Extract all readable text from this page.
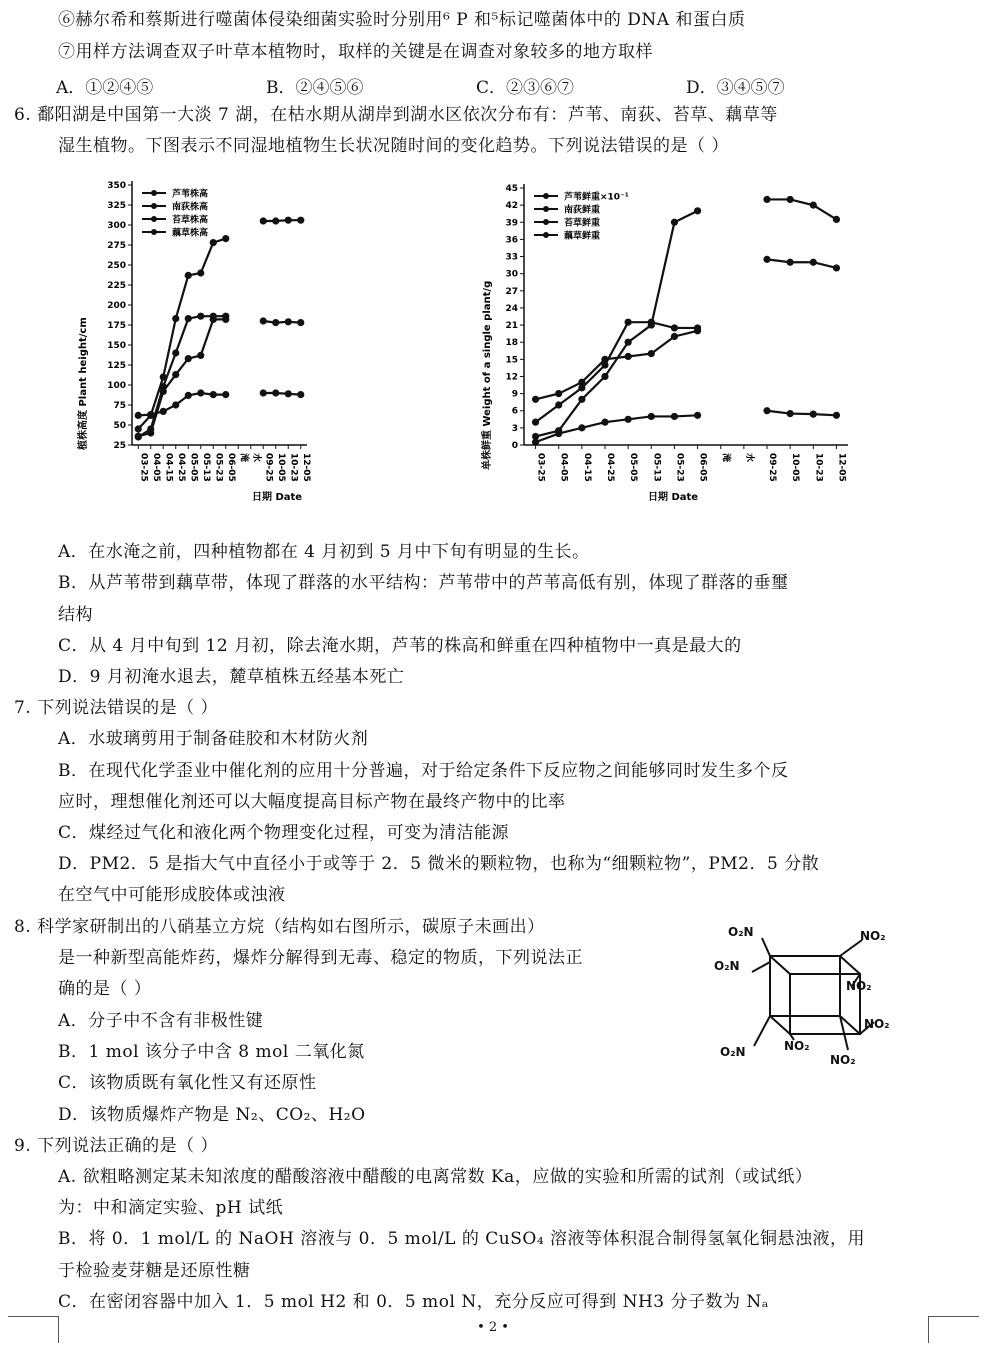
⑥赫尔希和蔡斯进行噬菌体侵染细菌实验时分别用⁶ P 和⁵标记噬菌体中的 DNA 和蛋白质
⑦用样方法调查双子叶草本植物时，取样的关键是在调查对象较多的地方取样
A．①②④⑤	B．②④⑤⑥	C．②③⑥⑦	D．③④⑤⑦
6. 鄱阳湖是中国第一大淡 7 湖，在枯水期从湖岸到湖水区依次分布有：芦苇、南荻、苔草、藕草等
湿生植物。下图表示不同湿地植物生长状况随时间的变化趋势。下列说法错误的是（ ）
350
325
300
275
250
225
200
175
150
125
100
75
50
25
03-25 04-05 04-15 04-25 05-05 05-13 05-23 06-05 淹 水 09-25 10-05 10-23 12-05
芦苇株高
南荻株高
苔草株高
藕草株高
植株高度 Plant height/cm
日期 Date
45
42
39
36
33
30
27
24
21
18
15
12
9
6
3
0
03-25 04-05 04-15 04-25 05-05 05-13 05-23 06-05 淹 水 09-25 10-05 10-23 12-05
芦苇鲜重×10⁻¹
南荻鲜重
苔草鲜重
藕草鲜重
单株鲜重 Weight of a single plant/g
日期 Date
A．在水淹之前，四种植物都在 4 月初到 5 月中下旬有明显的生长。
B．从芦苇带到藕草带，体现了群落的水平结构：芦苇带中的芦苇高低有别，体现了群落的垂璽
结构
C．从 4 月中旬到 12 月初，除去淹水期，芦苇的株高和鲜重在四种植物中一真是最大的
D．9 月初淹水退去，麓草植株五经基本死亡
7. 下列说法错误的是（ ）
A．水玻璃剪用于制备硅胶和木材防火剂
B．在现代化学歪业中催化剂的应用十分普遍，对于给定条件下反应物之间能够同时发生多个反
应时，理想催化剂还可以大幅度提高目标产物在最终产物中的比率
C．煤经过气化和液化两个物理变化过程，可变为清洁能源
D．PM2．5 是指大气中直径小于或等于 2．5 微米的颗粒物，也称为“细颗粒物”，PM2．5 分散
在空气中可能形成胶体或浊液
8. 科学家研制出的八硝基立方烷（结构如右图所示，碳原子未画出）
是一种新型高能炸药，爆炸分解得到无毒、稳定的物质，下列说法正
确的是（ ）
A．分子中不含有非极性键
B．1 mol 该分子中含 8 mol 二氧化氮
C．该物质既有氧化性又有还原性
D．该物质爆炸产物是 N₂、CO₂、H₂O
O₂N	NO₂
O₂N
NO₂
NO₂
O₂N	NO₂
NO₂
9. 下列说法正确的是（ ）
A. 欲粗略测定某未知浓度的醋酸溶液中醋酸的电离常数 Ka，应做的实验和所需的试剂（或试纸）
为：中和滴定实验、pH 试纸
B．将 0．1 mol/L 的 NaOH 溶液与 0．5 mol/L 的 CuSO₄ 溶液等体积混合制得氢氧化铜悬浊液，用
于检验麦芽糖是还原性糖
C．在密闭容器中加入 1．5 mol H2 和 0．5 mol N，充分反应可得到 NH3 分子数为 Nₐ
• 2 •
